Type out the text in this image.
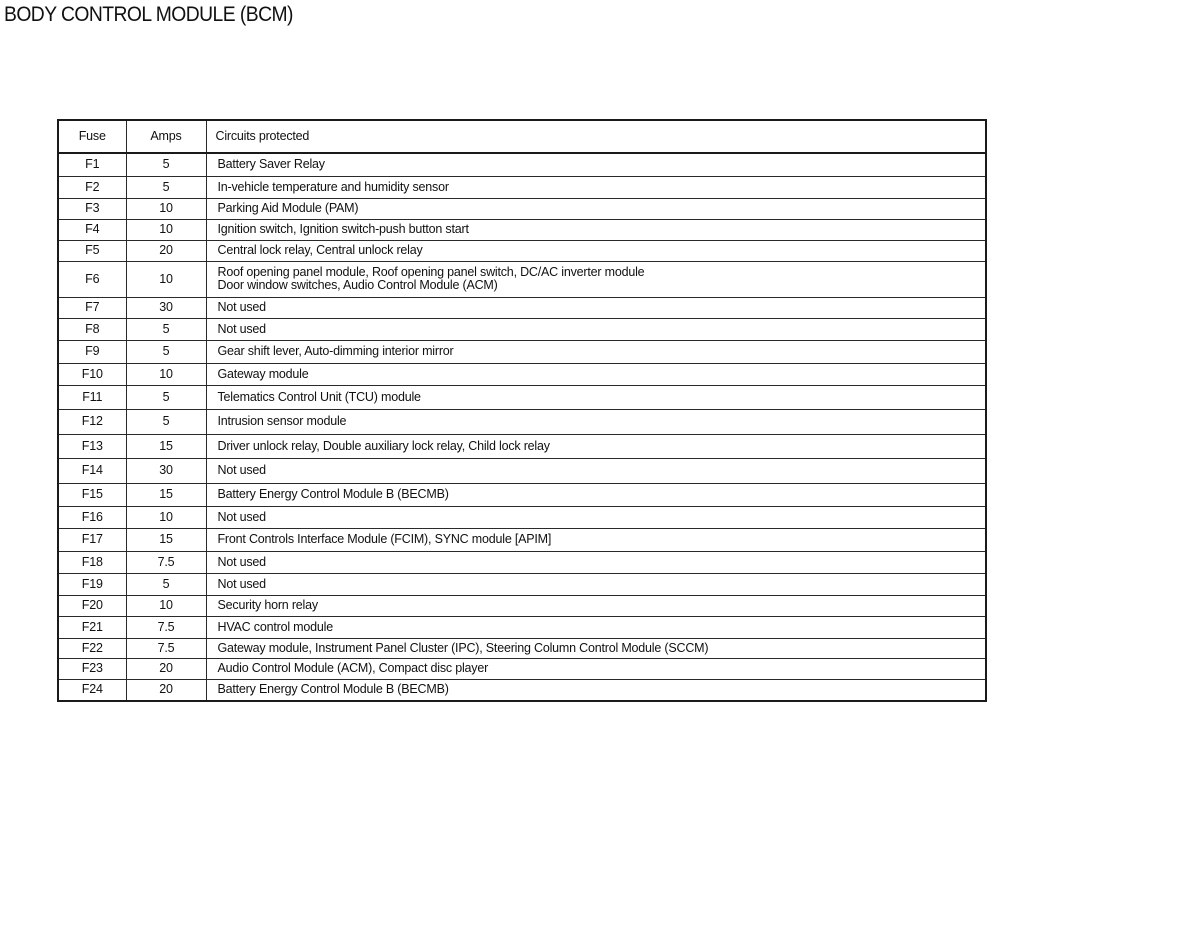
BODY CONTROL MODULE (BCM)
Fuse	Amps	Circuits protected
F1	5	Battery Saver Relay
F2	5	In-vehicle temperature and humidity sensor
F3	10	Parking Aid Module (PAM)
F4	10	Ignition switch, Ignition switch-push button start
F5	20	Central lock relay, Central unlock relay
F6	10	Roof opening panel module, Roof opening panel switch, DC/AC inverter module
Door window switches, Audio Control Module (ACM)
F7	30	Not used
F8	5	Not used
F9	5	Gear shift lever, Auto-dimming interior mirror
F10	10	Gateway module
F11	5	Telematics Control Unit (TCU) module
F12	5	Intrusion sensor module
F13	15	Driver unlock relay, Double auxiliary lock relay, Child lock relay
F14	30	Not used
F15	15	Battery Energy Control Module B (BECMB)
F16	10	Not used
F17	15	Front Controls Interface Module (FCIM), SYNC module [APIM]
F18	7.5	Not used
F19	5	Not used
F20	10	Security horn relay
F21	7.5	HVAC control module
F22	7.5	Gateway module, Instrument Panel Cluster (IPC), Steering Column Control Module (SCCM)
F23	20	Audio Control Module (ACM), Compact disc player
F24	20	Battery Energy Control Module B (BECMB)
